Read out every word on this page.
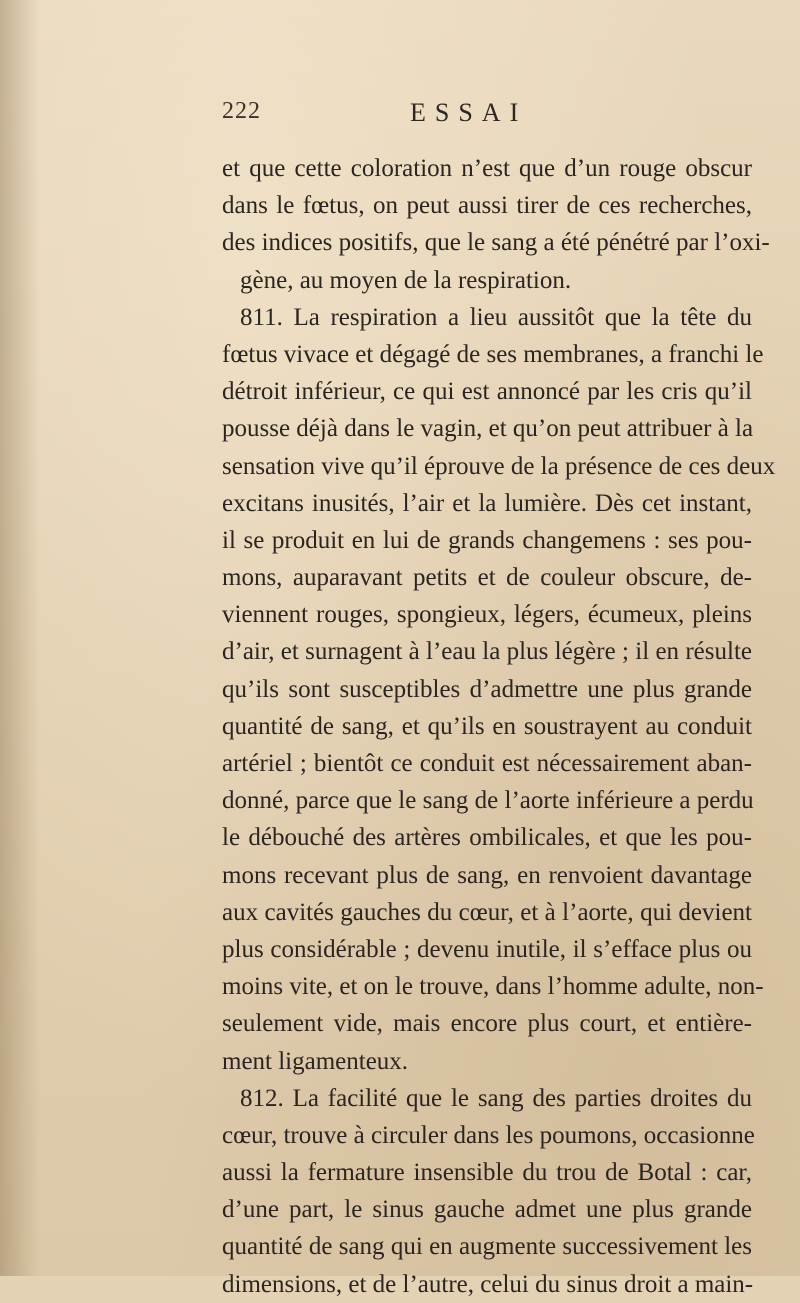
222	ESSAI
et que cette coloration n’est que d’un rouge obscur
dans le fœtus, on peut aussi tirer de ces recherches,
des indices positifs, que le sang a été pénétré par l’oxi-
gène, au moyen de la respiration.
811. La respiration a lieu aussitôt que la tête du
fœtus vivace et dégagé de ses membranes, a franchi le
détroit inférieur, ce qui est annoncé par les cris qu’il
pousse déjà dans le vagin, et qu’on peut attribuer à la
sensation vive qu’il éprouve de la présence de ces deux
excitans inusités, l’air et la lumière. Dès cet instant,
il se produit en lui de grands changemens : ses pou-
mons, auparavant petits et de couleur obscure, de-
viennent rouges, spongieux, légers, écumeux, pleins
d’air, et surnagent à l’eau la plus légère ; il en résulte
qu’ils sont susceptibles d’admettre une plus grande
quantité de sang, et qu’ils en soustrayent au conduit
artériel ; bientôt ce conduit est nécessairement aban-
donné, parce que le sang de l’aorte inférieure a perdu
le débouché des artères ombilicales, et que les pou-
mons recevant plus de sang, en renvoient davantage
aux cavités gauches du cœur, et à l’aorte, qui devient
plus considérable ; devenu inutile, il s’efface plus ou
moins vite, et on le trouve, dans l’homme adulte, non-
seulement vide, mais encore plus court, et entière-
ment ligamenteux.
812. La facilité que le sang des parties droites du
cœur, trouve à circuler dans les poumons, occasionne
aussi la fermature insensible du trou de Botal : car,
d’une part, le sinus gauche admet une plus grande
quantité de sang qui en augmente successivement les
dimensions, et de l’autre, celui du sinus droit a main-
